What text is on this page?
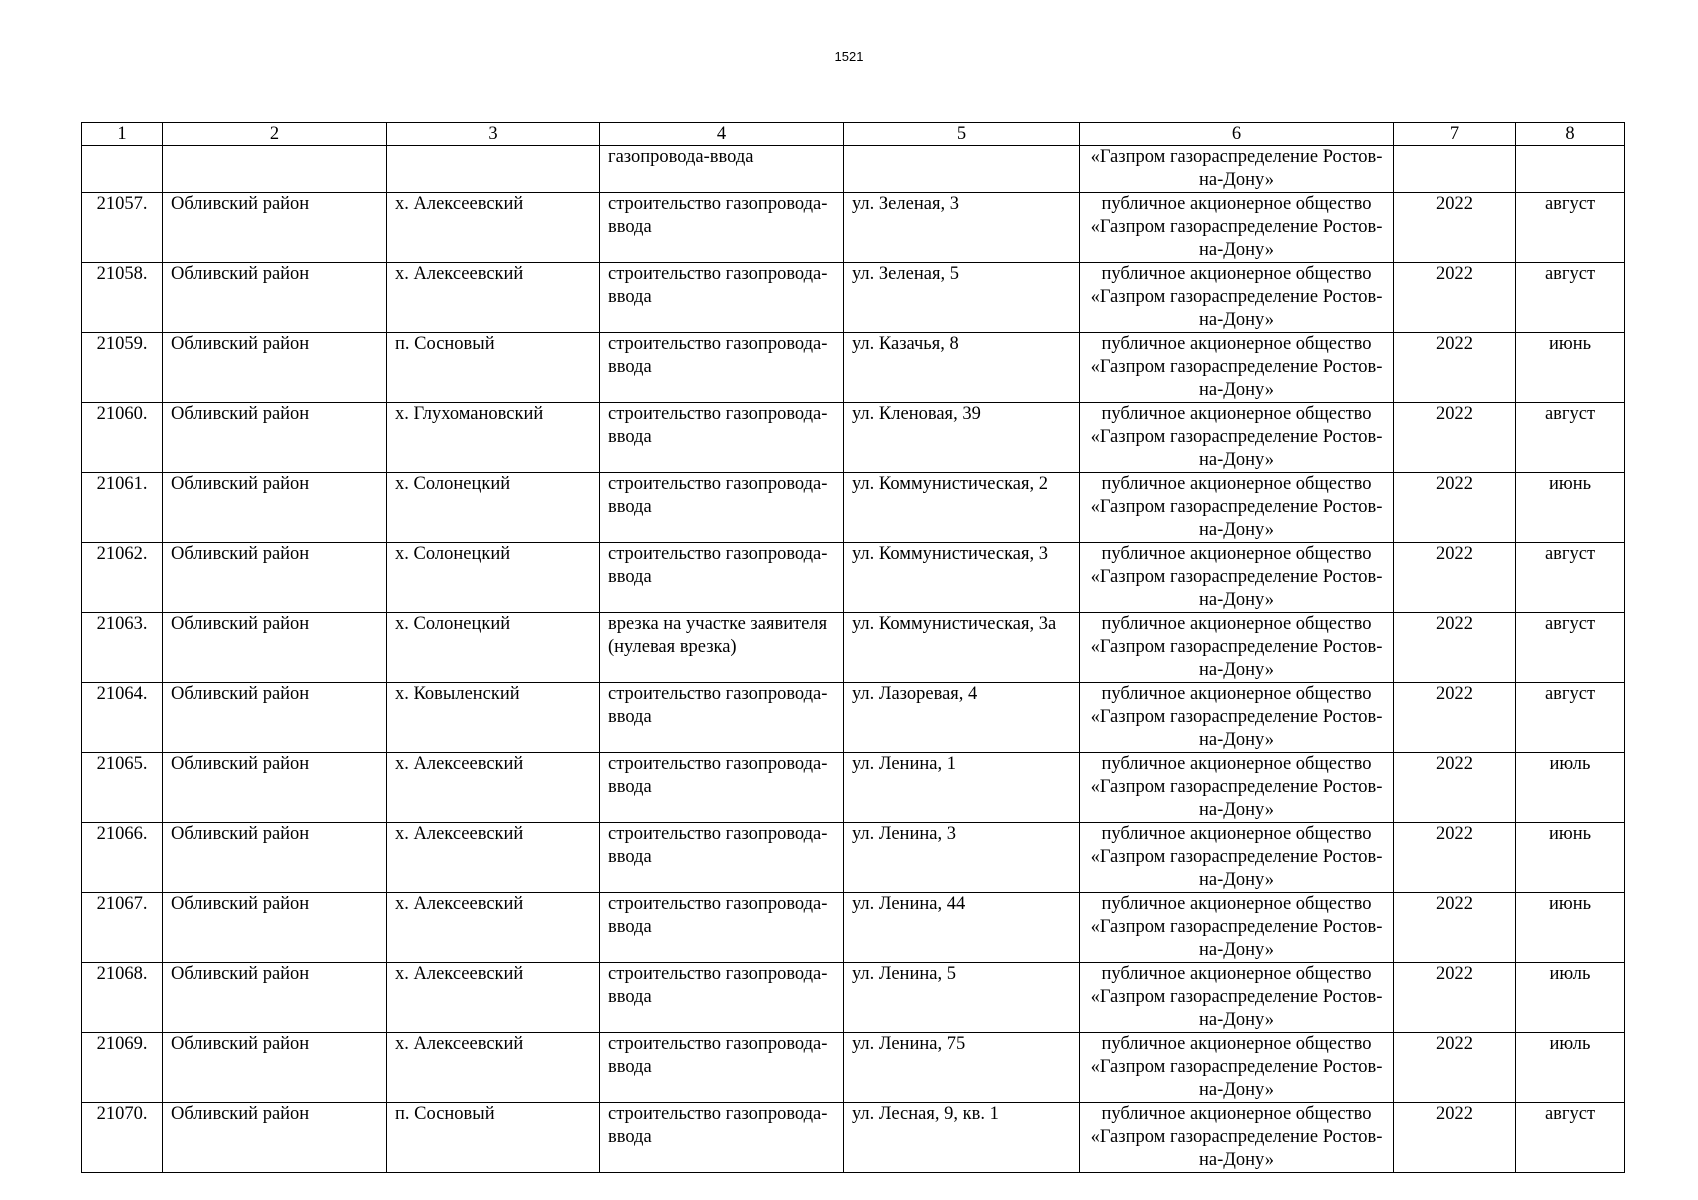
1521
1	2	3	4	5	6	7	8
			газопровода-ввода		«Газпром газораспределение Ростов-на-Дону»		
21057.	Обливский район	х. Алексеевский	строительство газопровода-ввода	ул. Зеленая, 3	публичное акционерное общество «Газпром газораспределение Ростов-на-Дону»	2022	август
21058.	Обливский район	х. Алексеевский	строительство газопровода-ввода	ул. Зеленая, 5	публичное акционерное общество «Газпром газораспределение Ростов-на-Дону»	2022	август
21059.	Обливский район	п. Сосновый	строительство газопровода-ввода	ул. Казачья, 8	публичное акционерное общество «Газпром газораспределение Ростов-на-Дону»	2022	июнь
21060.	Обливский район	х. Глухомановский	строительство газопровода-ввода	ул. Кленовая, 39	публичное акционерное общество «Газпром газораспределение Ростов-на-Дону»	2022	август
21061.	Обливский район	х. Солонецкий	строительство газопровода-ввода	ул. Коммунистическая, 2	публичное акционерное общество «Газпром газораспределение Ростов-на-Дону»	2022	июнь
21062.	Обливский район	х. Солонецкий	строительство газопровода-ввода	ул. Коммунистическая, 3	публичное акционерное общество «Газпром газораспределение Ростов-на-Дону»	2022	август
21063.	Обливский район	х. Солонецкий	врезка на участке заявителя (нулевая врезка)	ул. Коммунистическая, 3а	публичное акционерное общество «Газпром газораспределение Ростов-на-Дону»	2022	август
21064.	Обливский район	х. Ковыленский	строительство газопровода-ввода	ул. Лазоревая, 4	публичное акционерное общество «Газпром газораспределение Ростов-на-Дону»	2022	август
21065.	Обливский район	х. Алексеевский	строительство газопровода-ввода	ул. Ленина, 1	публичное акционерное общество «Газпром газораспределение Ростов-на-Дону»	2022	июль
21066.	Обливский район	х. Алексеевский	строительство газопровода-ввода	ул. Ленина, 3	публичное акционерное общество «Газпром газораспределение Ростов-на-Дону»	2022	июнь
21067.	Обливский район	х. Алексеевский	строительство газопровода-ввода	ул. Ленина, 44	публичное акционерное общество «Газпром газораспределение Ростов-на-Дону»	2022	июнь
21068.	Обливский район	х. Алексеевский	строительство газопровода-ввода	ул. Ленина, 5	публичное акционерное общество «Газпром газораспределение Ростов-на-Дону»	2022	июль
21069.	Обливский район	х. Алексеевский	строительство газопровода-ввода	ул. Ленина, 75	публичное акционерное общество «Газпром газораспределение Ростов-на-Дону»	2022	июль
21070.	Обливский район	п. Сосновый	строительство газопровода-ввода	ул. Лесная, 9, кв. 1	публичное акционерное общество «Газпром газораспределение Ростов-на-Дону»	2022	август
